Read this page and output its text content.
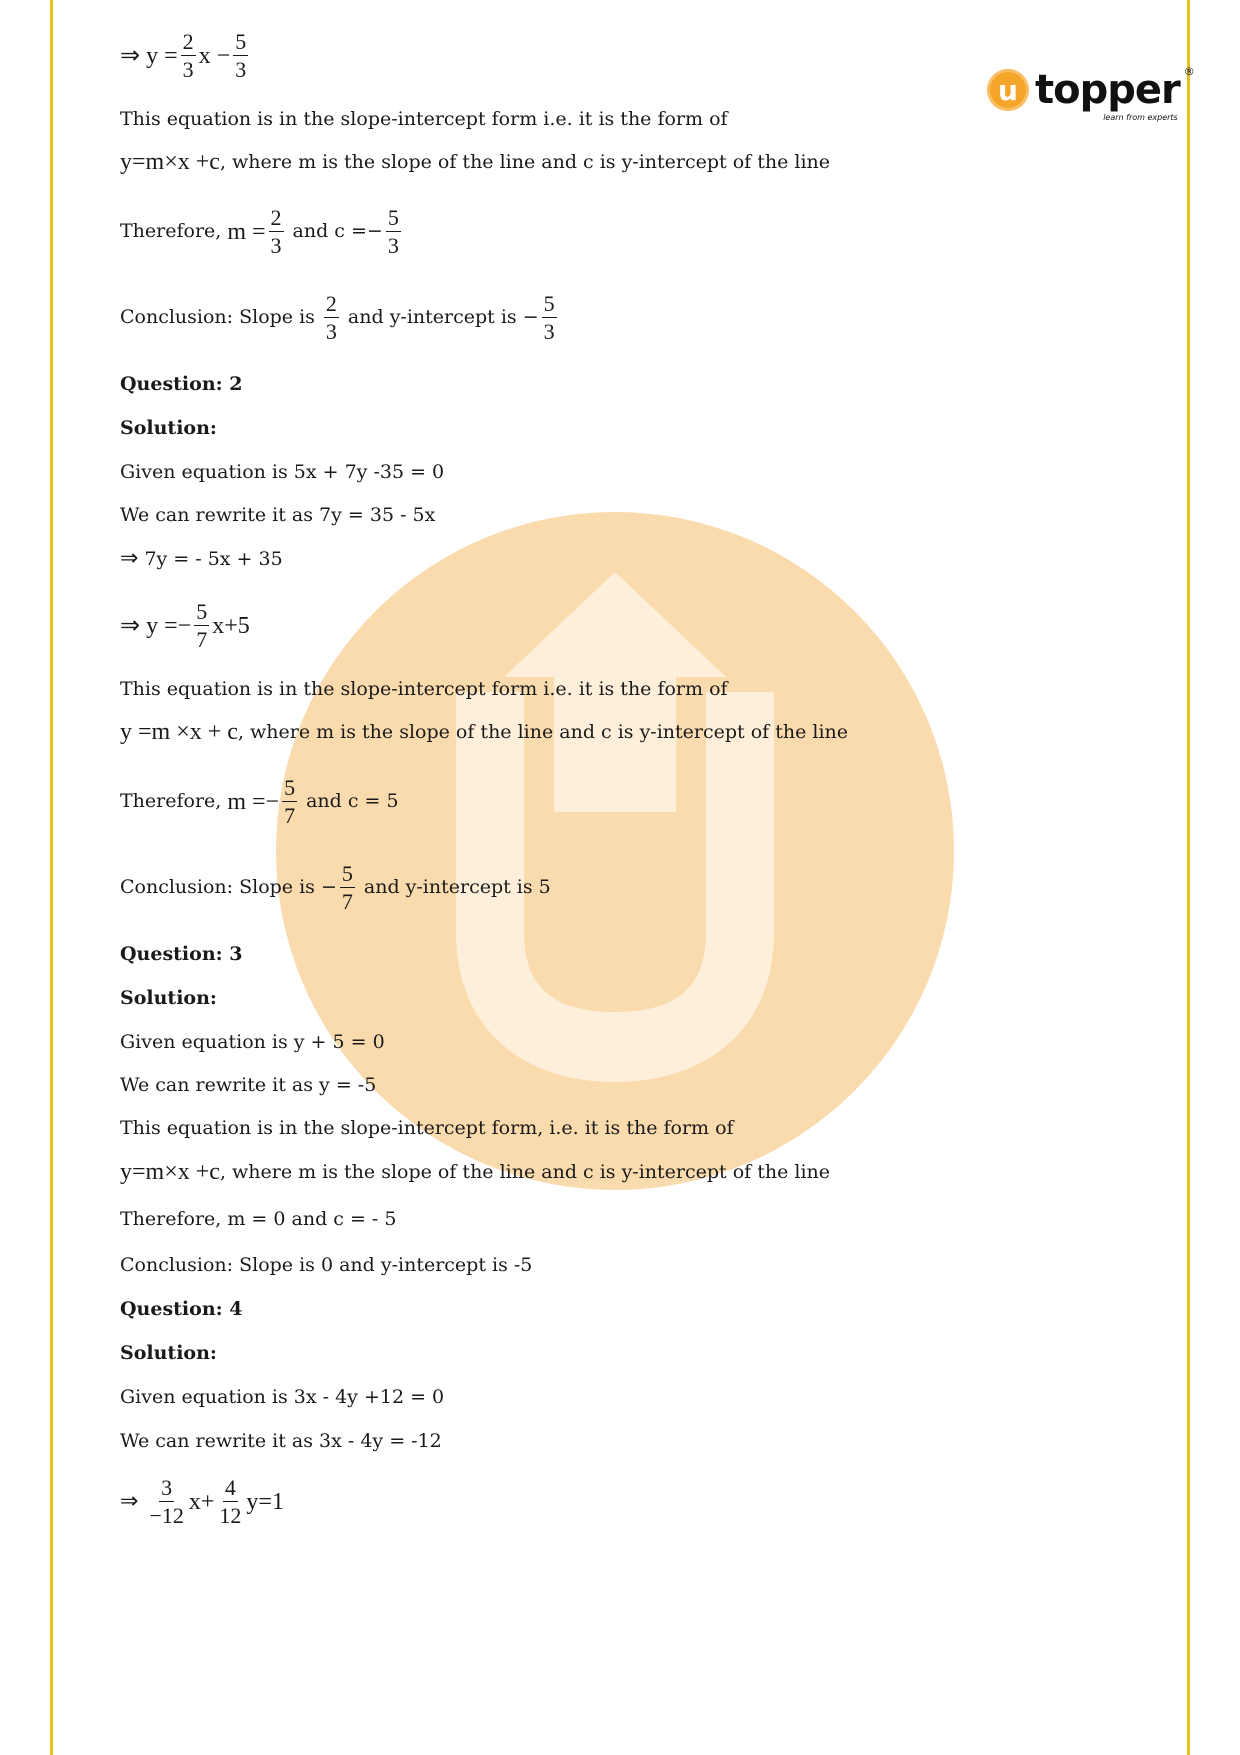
u topper ®
learn from experts
⇒ $y = \frac{2}{3}$ $x - \frac{5}{3}$
This equation is in the slope-intercept form i.e. it is the form of
y=m×x +c , where m is the slope of the line and c is y-intercept of the line
Therefore, $m = \frac{2}{3}$ and $c =- \frac{5}{3}$
Conclusion: Slope is $\frac{2}{3}$ and y-intercept is − $\frac{5}{3}$
Question: 2
Solution:
Given equation is 5x + 7y -35 = 0
We can rewrite it as 7y = 35 - 5x
⇒ 7y = - 5x + 35
⇒ $y =- \frac{5}{7} x+5$
This equation is in the slope-intercept form i.e. it is the form of
y =m ×x + c , where m is the slope of the line and c is y-intercept of the line
Therefore, $m =- \frac{5}{7}$ and c = 5
Conclusion: Slope is − $\frac{5}{7}$ and y-intercept is 5
Question: 3
Solution:
Given equation is y + 5 = 0
We can rewrite it as y = -5
This equation is in the slope-intercept form, i.e. it is the form of
y=m×x +c , where m is the slope of the line and c is y-intercept of the line
Therefore, m = 0 and c = - 5
Conclusion: Slope is 0 and y-intercept is -5
Question: 4
Solution:
Given equation is 3x - 4y +12 = 0
We can rewrite it as 3x - 4y = -12
⇒ $\frac{3}{-12} x+ \frac{4}{12} y=1$
